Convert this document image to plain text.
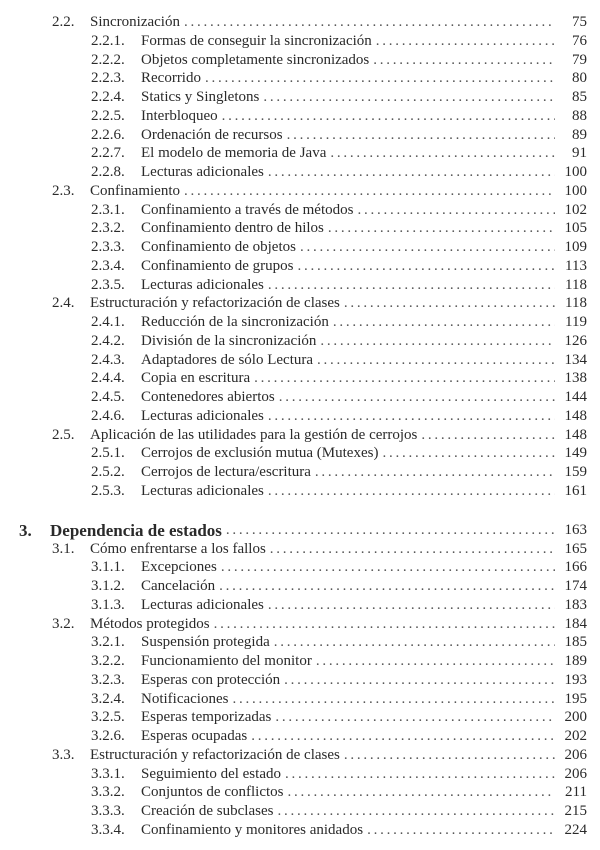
2.2. Sincronización . . .	75
2.2.1. Formas de conseguir la sincronización . . .	76
2.2.2. Objetos completamente sincronizados . . .	79
2.2.3. Recorrido . . .	80
2.2.4. Statics y Singletons . . .	85
2.2.5. Interbloqueo . . .	88
2.2.6. Ordenación de recursos . . .	89
2.2.7. El modelo de memoria de Java . . .	91
2.2.8. Lecturas adicionales . . .	100
2.3. Confinamiento . . .	100
2.3.1. Confinamiento a través de métodos . . .	102
2.3.2. Confinamiento dentro de hilos . . .	105
2.3.3. Confinamiento de objetos . . .	109
2.3.4. Confinamiento de grupos . . .	113
2.3.5. Lecturas adicionales . . .	118
2.4. Estructuración y refactorización de clases . . .	118
2.4.1. Reducción de la sincronización . . .	119
2.4.2. División de la sincronización . . .	126
2.4.3. Adaptadores de sólo Lectura . . .	134
2.4.4. Copia en escritura . . .	138
2.4.5. Contenedores abiertos . . .	144
2.4.6. Lecturas adicionales . . .	148
2.5. Aplicación de las utilidades para la gestión de cerrojos . . .	148
2.5.1. Cerrojos de exclusión mutua (Mutexes) . . .	149
2.5.2. Cerrojos de lectura/escritura . . .	159
2.5.3. Lecturas adicionales . . .	161
3. Dependencia de estados . . .	163
3.1. Cómo enfrentarse a los fallos . . .	165
3.1.1. Excepciones . . .	166
3.1.2. Cancelación . . .	174
3.1.3. Lecturas adicionales . . .	183
3.2. Métodos protegidos . . .	184
3.2.1. Suspensión protegida . . .	185
3.2.2. Funcionamiento del monitor . . .	189
3.2.3. Esperas con protección . . .	193
3.2.4. Notificaciones . . .	195
3.2.5. Esperas temporizadas . . .	200
3.2.6. Esperas ocupadas . . .	202
3.3. Estructuración y refactorización de clases . . .	206
3.3.1. Seguimiento del estado . . .	206
3.3.2. Conjuntos de conflictos . . .	211
3.3.3. Creación de subclases . . .	215
3.3.4. Confinamiento y monitores anidados . . .	224
